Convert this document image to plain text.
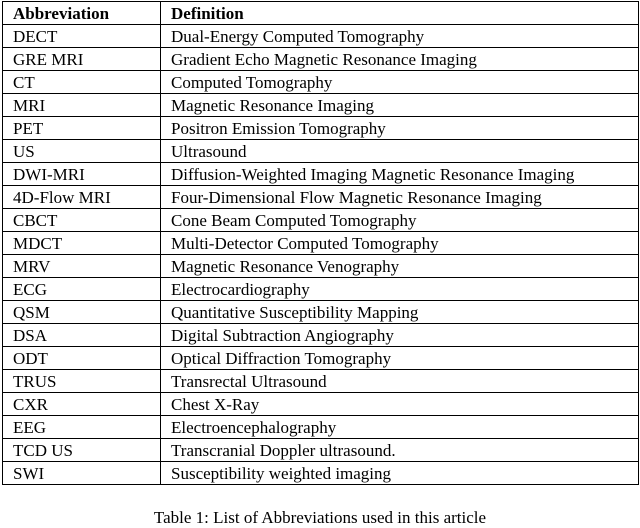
Abbreviation	Definition
DECT	Dual-Energy Computed Tomography
GRE MRI	Gradient Echo Magnetic Resonance Imaging
CT	Computed Tomography
MRI	Magnetic Resonance Imaging
PET	Positron Emission Tomography
US	Ultrasound
DWI-MRI	Diffusion-Weighted Imaging Magnetic Resonance Imaging
4D-Flow MRI	Four-Dimensional Flow Magnetic Resonance Imaging
CBCT	Cone Beam Computed Tomography
MDCT	Multi-Detector Computed Tomography
MRV	Magnetic Resonance Venography
ECG	Electrocardiography
QSM	Quantitative Susceptibility Mapping
DSA	Digital Subtraction Angiography
ODT	Optical Diffraction Tomography
TRUS	Transrectal Ultrasound
CXR	Chest X-Ray
EEG	Electroencephalography
TCD US	Transcranial Doppler ultrasound.
SWI	Susceptibility weighted imaging
Table 1: List of Abbreviations used in this article
